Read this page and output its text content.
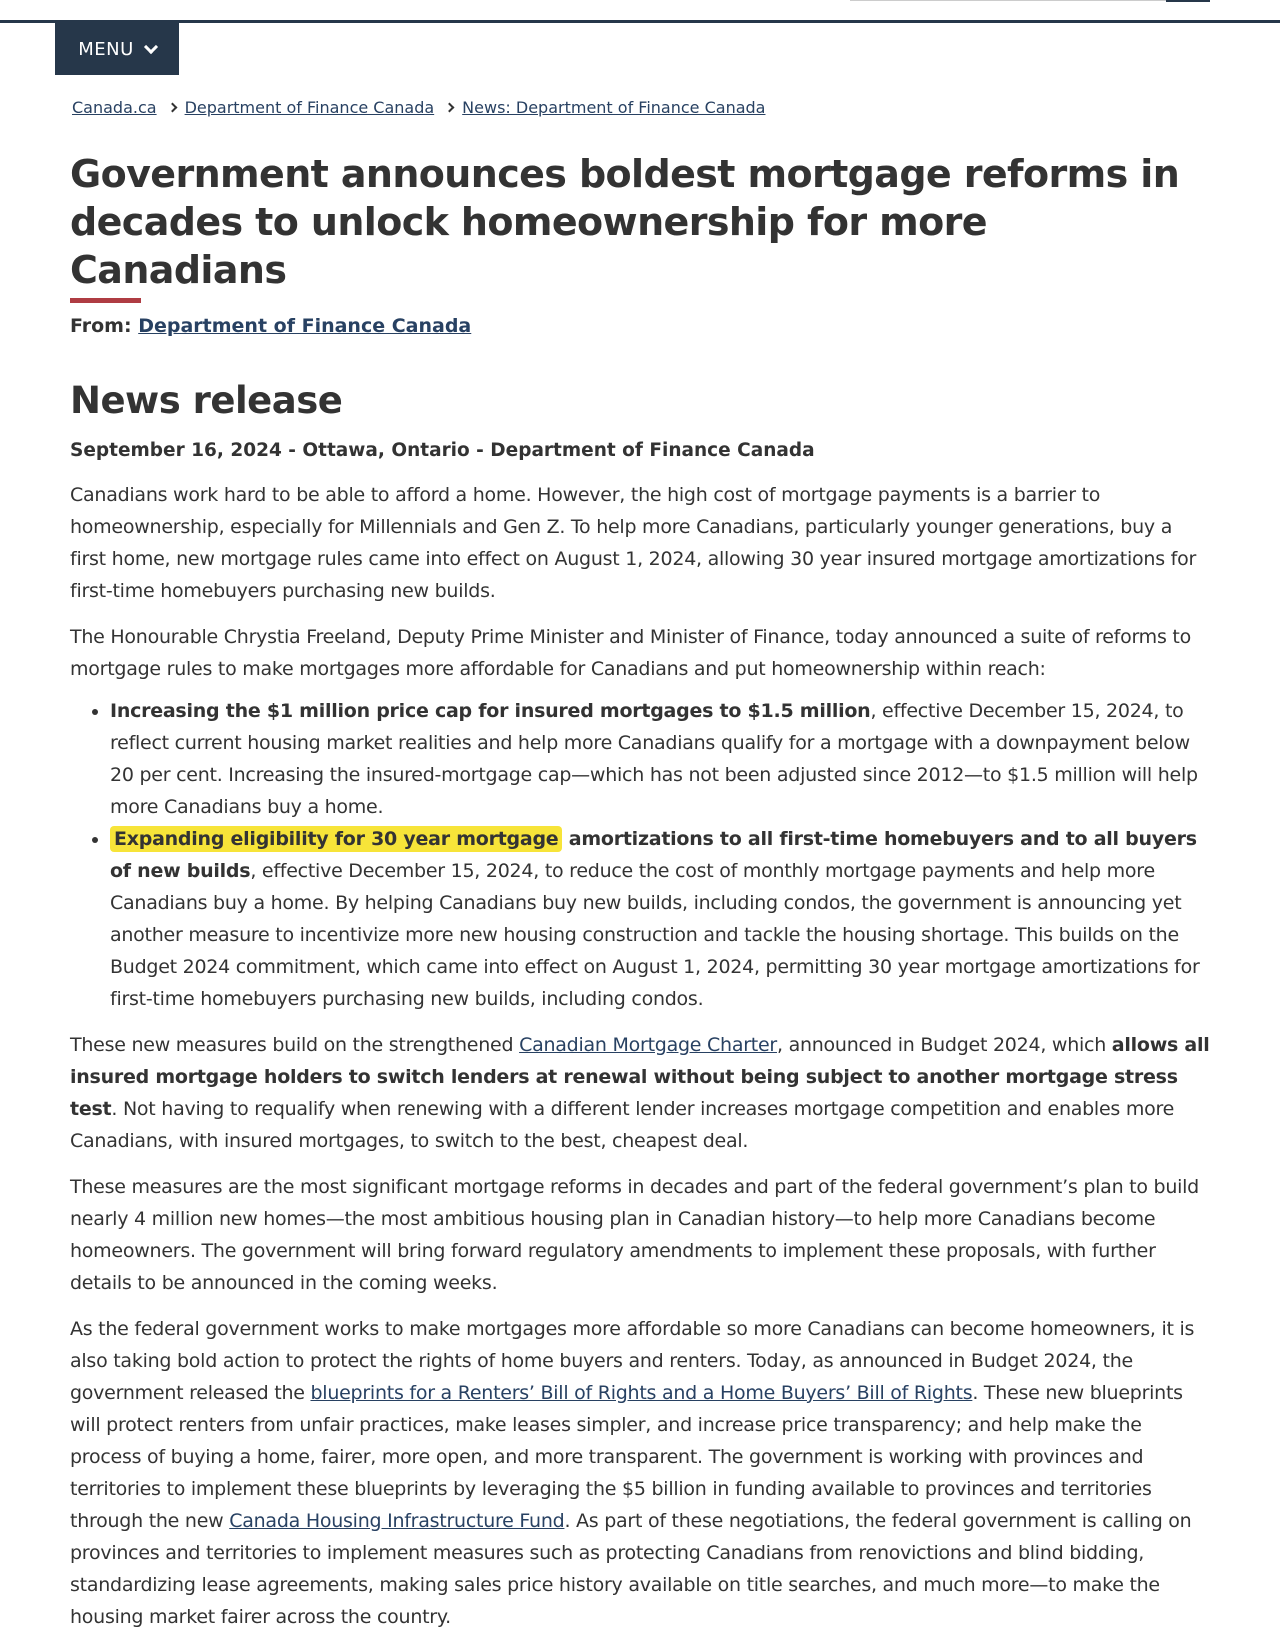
MENU
Canada.ca Department of Finance Canada News: Department of Finance Canada
Government announces boldest mortgage reforms in decades to unlock homeownership for more Canadians
From: Department of Finance Canada
News release
September 16, 2024 - Ottawa, Ontario - Department of Finance Canada

Canadians work hard to be able to afford a home. However, the high cost of mortgage payments is a barrier to homeownership, especially for Millennials and Gen Z. To help more Canadians, particularly younger generations, buy a first home, new mortgage rules came into effect on August 1, 2024, allowing 30 year insured mortgage amortizations for first-time homebuyers purchasing new builds.

The Honourable Chrystia Freeland, Deputy Prime Minister and Minister of Finance, today announced a suite of reforms to mortgage rules to make mortgages more affordable for Canadians and put homeownership within reach:

• Increasing the $1 million price cap for insured mortgages to $1.5 million, effective December 15, 2024, to reflect current housing market realities and help more Canadians qualify for a mortgage with a downpayment below 20 per cent. Increasing the insured-mortgage cap—which has not been adjusted since 2012—to $1.5 million will help more Canadians buy a home.
• Expanding eligibility for 30 year mortgage amortizations to all first-time homebuyers and to all buyers of new builds, effective December 15, 2024, to reduce the cost of monthly mortgage payments and help more Canadians buy a home. By helping Canadians buy new builds, including condos, the government is announcing yet another measure to incentivize more new housing construction and tackle the housing shortage. This builds on the Budget 2024 commitment, which came into effect on August 1, 2024, permitting 30 year mortgage amortizations for first-time homebuyers purchasing new builds, including condos.

These new measures build on the strengthened Canadian Mortgage Charter, announced in Budget 2024, which allows all insured mortgage holders to switch lenders at renewal without being subject to another mortgage stress test. Not having to requalify when renewing with a different lender increases mortgage competition and enables more Canadians, with insured mortgages, to switch to the best, cheapest deal.

These measures are the most significant mortgage reforms in decades and part of the federal government’s plan to build nearly 4 million new homes—the most ambitious housing plan in Canadian history—to help more Canadians become homeowners. The government will bring forward regulatory amendments to implement these proposals, with further details to be announced in the coming weeks.

As the federal government works to make mortgages more affordable so more Canadians can become homeowners, it is also taking bold action to protect the rights of home buyers and renters. Today, as announced in Budget 2024, the government released the blueprints for a Renters’ Bill of Rights and a Home Buyers’ Bill of Rights. These new blueprints will protect renters from unfair practices, make leases simpler, and increase price transparency; and help make the process of buying a home, fairer, more open, and more transparent. The government is working with provinces and territories to implement these blueprints by leveraging the $5 billion in funding available to provinces and territories through the new Canada Housing Infrastructure Fund. As part of these negotiations, the federal government is calling on provinces and territories to implement measures such as protecting Canadians from renovictions and blind bidding, standardizing lease agreements, making sales price history available on title searches, and much more—to make the housing market fairer across the country.
